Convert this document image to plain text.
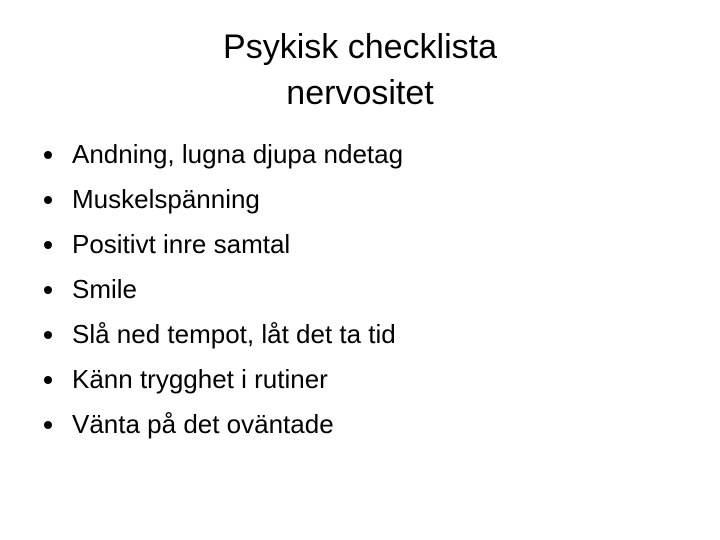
Psykisk checklista
nervositet
Andning, lugna djupa ndetag
Muskelspänning
Positivt inre samtal
Smile
Slå ned tempot, låt det ta tid
Känn trygghet i rutiner
Vänta på det oväntade
